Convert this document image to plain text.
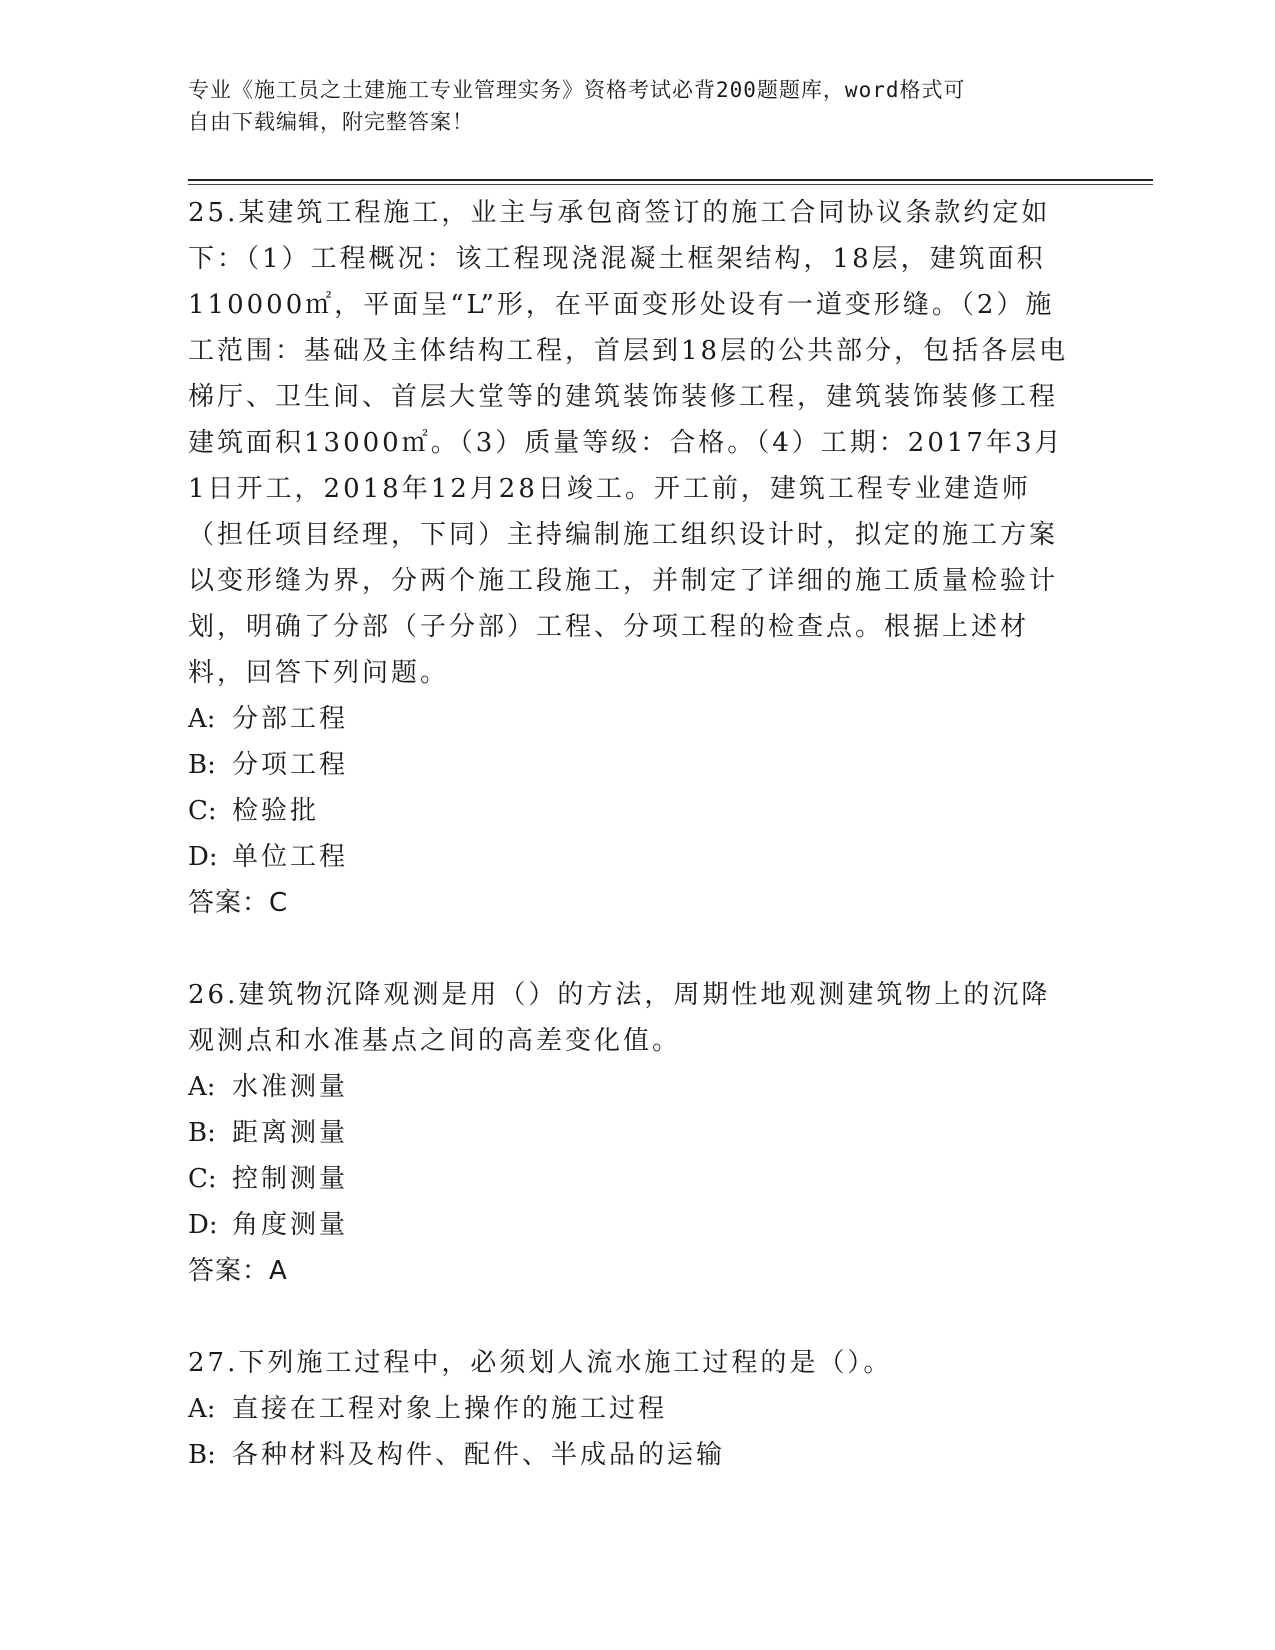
专业《施工员之土建施工专业管理实务》资格考试必背200题题库，word格式可
自由下载编辑，附完整答案！

25.某建筑工程施工，业主与承包商签订的施工合同协议条款约定如下：（1）工程概况：该工程现浇混凝土框架结构，18层，建筑面积110000㎡，平面呈“L”形，在平面变形处设有一道变形缝。（2）施工范围：基础及主体结构工程，首层到18层的公共部分，包括各层电梯厅、卫生间、首层大堂等的建筑装饰装修工程，建筑装饰装修工程建筑面积13000㎡。（3）质量等级：合格。（4）工期：2017年3月1日开工，2018年12月28日竣工。开工前，建筑工程专业建造师（担任项目经理，下同）主持编制施工组织设计时，拟定的施工方案以变形缝为界，分两个施工段施工，并制定了详细的施工质量检验计划，明确了分部（子分部）工程、分项工程的检查点。根据上述材料，回答下列问题。

A: 分部工程

B: 分项工程

C: 检验批

D: 单位工程

答案：C

26.建筑物沉降观测是用（）的方法，周期性地观测建筑物上的沉降观测点和水准基点之间的高差变化值。

A: 水准测量

B: 距离测量

C: 控制测量

D: 角度测量

答案：A

27.下列施工过程中，必须划人流水施工过程的是（）。

A: 直接在工程对象上操作的施工过程

B: 各种材料及构件、配件、半成品的运输
